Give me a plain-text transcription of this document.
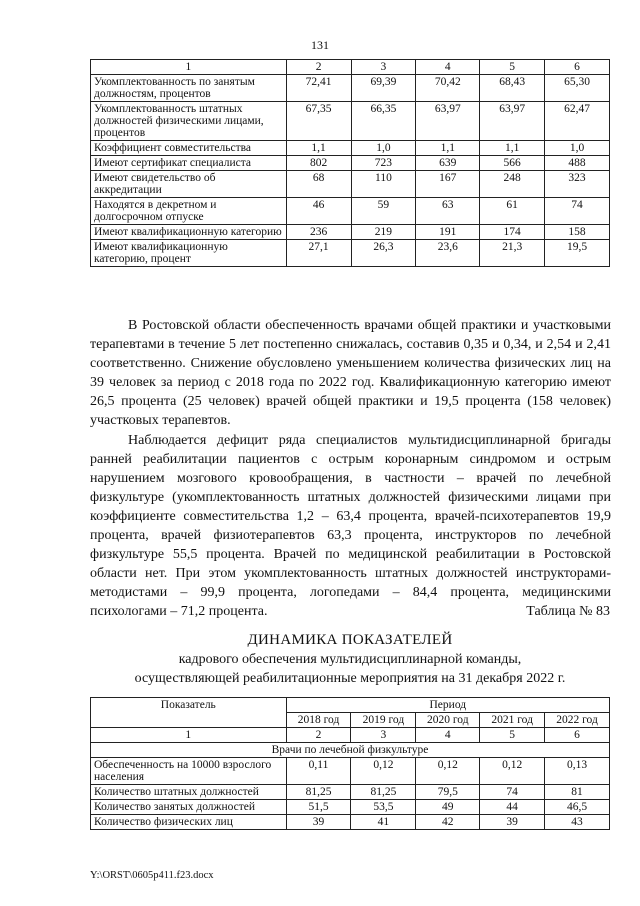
131
1	2	3	4	5	6
Укомплектованность по занятым должностям, процентов	72,41	69,39	70,42	68,43	65,30
Укомплектованность штатных должностей физическими лицами, процентов	67,35	66,35	63,97	63,97	62,47
Коэффициент совместительства	1,1	1,0	1,1	1,1	1,0
Имеют сертификат специалиста	802	723	639	566	488
Имеют свидетельство об аккредитации	68	110	167	248	323
Находятся в декретном и долгосрочном отпуске	46	59	63	61	74
Имеют квалификационную категорию	236	219	191	174	158
Имеют квалификационную категорию, процент	27,1	26,3	23,6	21,3	19,5

В Ростовской области обеспеченность врачами общей практики и участковыми терапевтами в течение 5 лет постепенно снижалась, составив 0,35 и 0,34, и 2,54 и 2,41 соответственно. Снижение обусловлено уменьшением количества физических лиц на 39 человек за период с 2018 года по 2022 год. Квалификационную категорию имеют 26,5 процента (25 человек) врачей общей практики и 19,5 процента (158 человек) участковых терапевтов.

Наблюдается дефицит ряда специалистов мультидисциплинарной бригады ранней реабилитации пациентов с острым коронарным синдромом и острым нарушением мозгового кровообращения, в частности – врачей по лечебной физкультуре (укомплектованность штатных должностей физическими лицами при коэффициенте совместительства 1,2 – 63,4 процента, врачей-психотерапевтов 19,9 процента, врачей физиотерапевтов 63,3 процента, инструкторов по лечебной физкультуре 55,5 процента. Врачей по медицинской реабилитации в Ростовской области нет. При этом укомплектованность штатных должностей инструкторами-методистами – 99,9 процента, логопедами – 84,4 процента, медицинскими психологами – 71,2 процента.	Таблица № 83
ДИНАМИКА ПОКАЗАТЕЛЕЙ
кадрового обеспечения мультидисциплинарной команды,
осуществляющей реабилитационные мероприятия на 31 декабря 2022 г.
Показатель	Период				
	2018 год	2019 год	2020 год	2021 год	2022 год
1	2	3	4	5	6
Врачи по лечебной физкультуре					
Обеспеченность на 10000 взрослого населения	0,11	0,12	0,12	0,12	0,13
Количество штатных должностей	81,25	81,25	79,5	74	81
Количество занятых должностей	51,5	53,5	49	44	46,5
Количество физических лиц	39	41	42	39	43
Y:\ORST\0605p411.f23.docx
